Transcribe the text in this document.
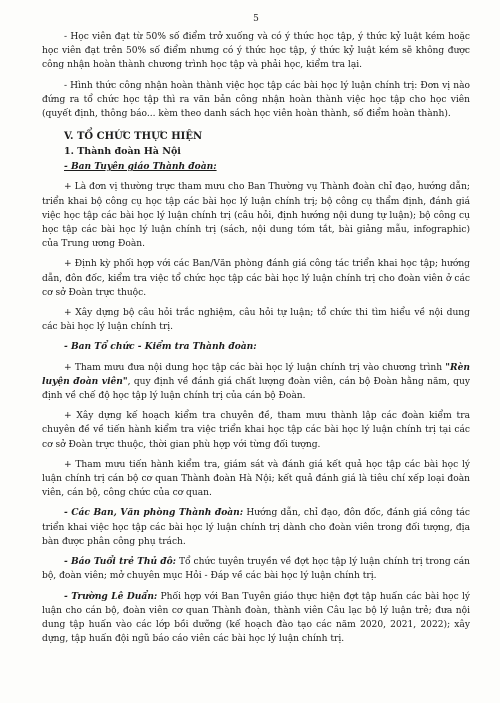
5

- Học viên đạt từ 50% số điểm trở xuống và có ý thức học tập, ý thức kỷ luật kém hoặc học viên đạt trên 50% số điểm nhưng có ý thức học tập, ý thức kỷ luật kém sẽ không được công nhận hoàn thành chương trình học tập và phải học, kiểm tra lại.

- Hình thức công nhận hoàn thành việc học tập các bài học lý luận chính trị: Đơn vị nào đứng ra tổ chức học tập thì ra văn bản công nhận hoàn thành việc học tập cho học viên (quyết định, thông báo... kèm theo danh sách học viên hoàn thành, số điểm hoàn thành).

V. TỔ CHỨC THỰC HIỆN
1. Thành đoàn Hà Nội

- Ban Tuyên giáo Thành đoàn:

+ Là đơn vị thường trực tham mưu cho Ban Thường vụ Thành đoàn chỉ đạo, hướng dẫn; triển khai bộ công cụ học tập các bài học lý luận chính trị; bộ công cụ thẩm định, đánh giá việc học tập các bài học lý luận chính trị (câu hỏi, định hướng nội dung tự luận); bộ công cụ học tập các bài học lý luận chính trị (sách, nội dung tóm tắt, bài giảng mẫu, infographic) của Trung ương Đoàn.

+ Định kỳ phối hợp với các Ban/Văn phòng đánh giá công tác triển khai học tập; hướng dẫn, đôn đốc, kiểm tra việc tổ chức học tập các bài học lý luận chính trị cho đoàn viên ở các cơ sở Đoàn trực thuộc.

+ Xây dựng bộ câu hỏi trắc nghiệm, câu hỏi tự luận; tổ chức thi tìm hiểu về nội dung các bài học lý luận chính trị.

- Ban Tổ chức - Kiểm tra Thành đoàn:

+ Tham mưu đưa nội dung học tập các bài học lý luận chính trị vào chương trình "Rèn luyện đoàn viên", quy định về đánh giá chất lượng đoàn viên, cán bộ Đoàn hằng năm, quy định về chế độ học tập lý luận chính trị của cán bộ Đoàn.

+ Xây dựng kế hoạch kiểm tra chuyên đề, tham mưu thành lập các đoàn kiểm tra chuyên đề về tiến hành kiểm tra việc triển khai học tập các bài học lý luận chính trị tại các cơ sở Đoàn trực thuộc, thời gian phù hợp với từng đối tượng.

+ Tham mưu tiến hành kiểm tra, giám sát và đánh giá kết quả học tập các bài học lý luận chính trị cán bộ cơ quan Thành đoàn Hà Nội; kết quả đánh giá là tiêu chí xếp loại đoàn viên, cán bộ, công chức của cơ quan.

- Các Ban, Văn phòng Thành đoàn: Hướng dẫn, chỉ đạo, đôn đốc, đánh giá công tác triển khai việc học tập các bài học lý luận chính trị dành cho đoàn viên trong đối tượng, địa bàn được phân công phụ trách.

- Báo Tuổi trẻ Thủ đô: Tổ chức tuyên truyền về đợt học tập lý luận chính trị trong cán bộ, đoàn viên; mở chuyên mục Hỏi - Đáp về các bài học lý luận chính trị.

- Trường Lê Duẩn: Phối hợp với Ban Tuyên giáo thực hiện đợt tập huấn các bài học lý luận cho cán bộ, đoàn viên cơ quan Thành đoàn, thành viên Câu lạc bộ lý luận trẻ; đưa nội dung tập huấn vào các lớp bồi dưỡng (kế hoạch đào tạo các năm 2020, 2021, 2022); xây dựng, tập huấn đội ngũ báo cáo viên các bài học lý luận chính trị.
